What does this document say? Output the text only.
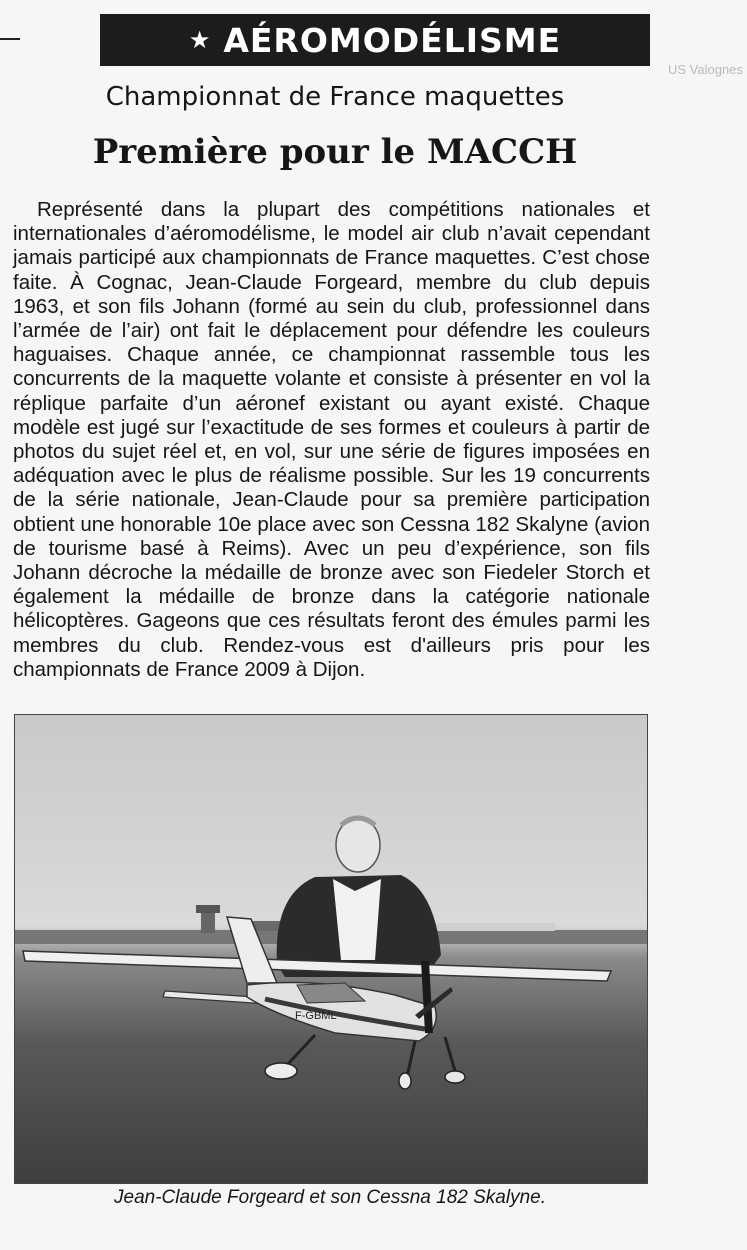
US Valognes
★ AÉROMODÉLISME
Championnat de France maquettes
Première pour le MACCH

Représenté dans la plupart des compétitions nationales et internationales d’aéromodélisme, le model air club n’avait cependant jamais participé aux championnats de France maquettes. C’est chose faite. À Cognac, Jean-Claude Forgeard, membre du club depuis 1963, et son fils Johann (formé au sein du club, professionnel dans l’armée de l’air) ont fait le déplacement pour défendre les couleurs haguaises. Chaque année, ce championnat rassemble tous les concurrents de la maquette volante et consiste à présenter en vol la réplique parfaite d’un aéronef existant ou ayant existé. Chaque modèle est jugé sur l’exactitude de ses formes et couleurs à partir de photos du sujet réel et, en vol, sur une série de figures imposées en adéquation avec le plus de réalisme possible. Sur les 19 concurrents de la série nationale, Jean-Claude pour sa première participation obtient une honorable 10e place avec son Cessna 182 Skalyne (avion de tourisme basé à Reims). Avec un peu d’expérience, son fils Johann décroche la médaille de bronze avec son Fiedeler Storch et également la médaille de bronze dans la catégorie nationale hélicoptères. Gageons que ces résultats feront des émules parmi les membres du club. Rendez-vous est d'ailleurs pris pour les championnats de France 2009 à Dijon.

F-GBML
Jean-Claude Forgeard et son Cessna 182 Skalyne.
